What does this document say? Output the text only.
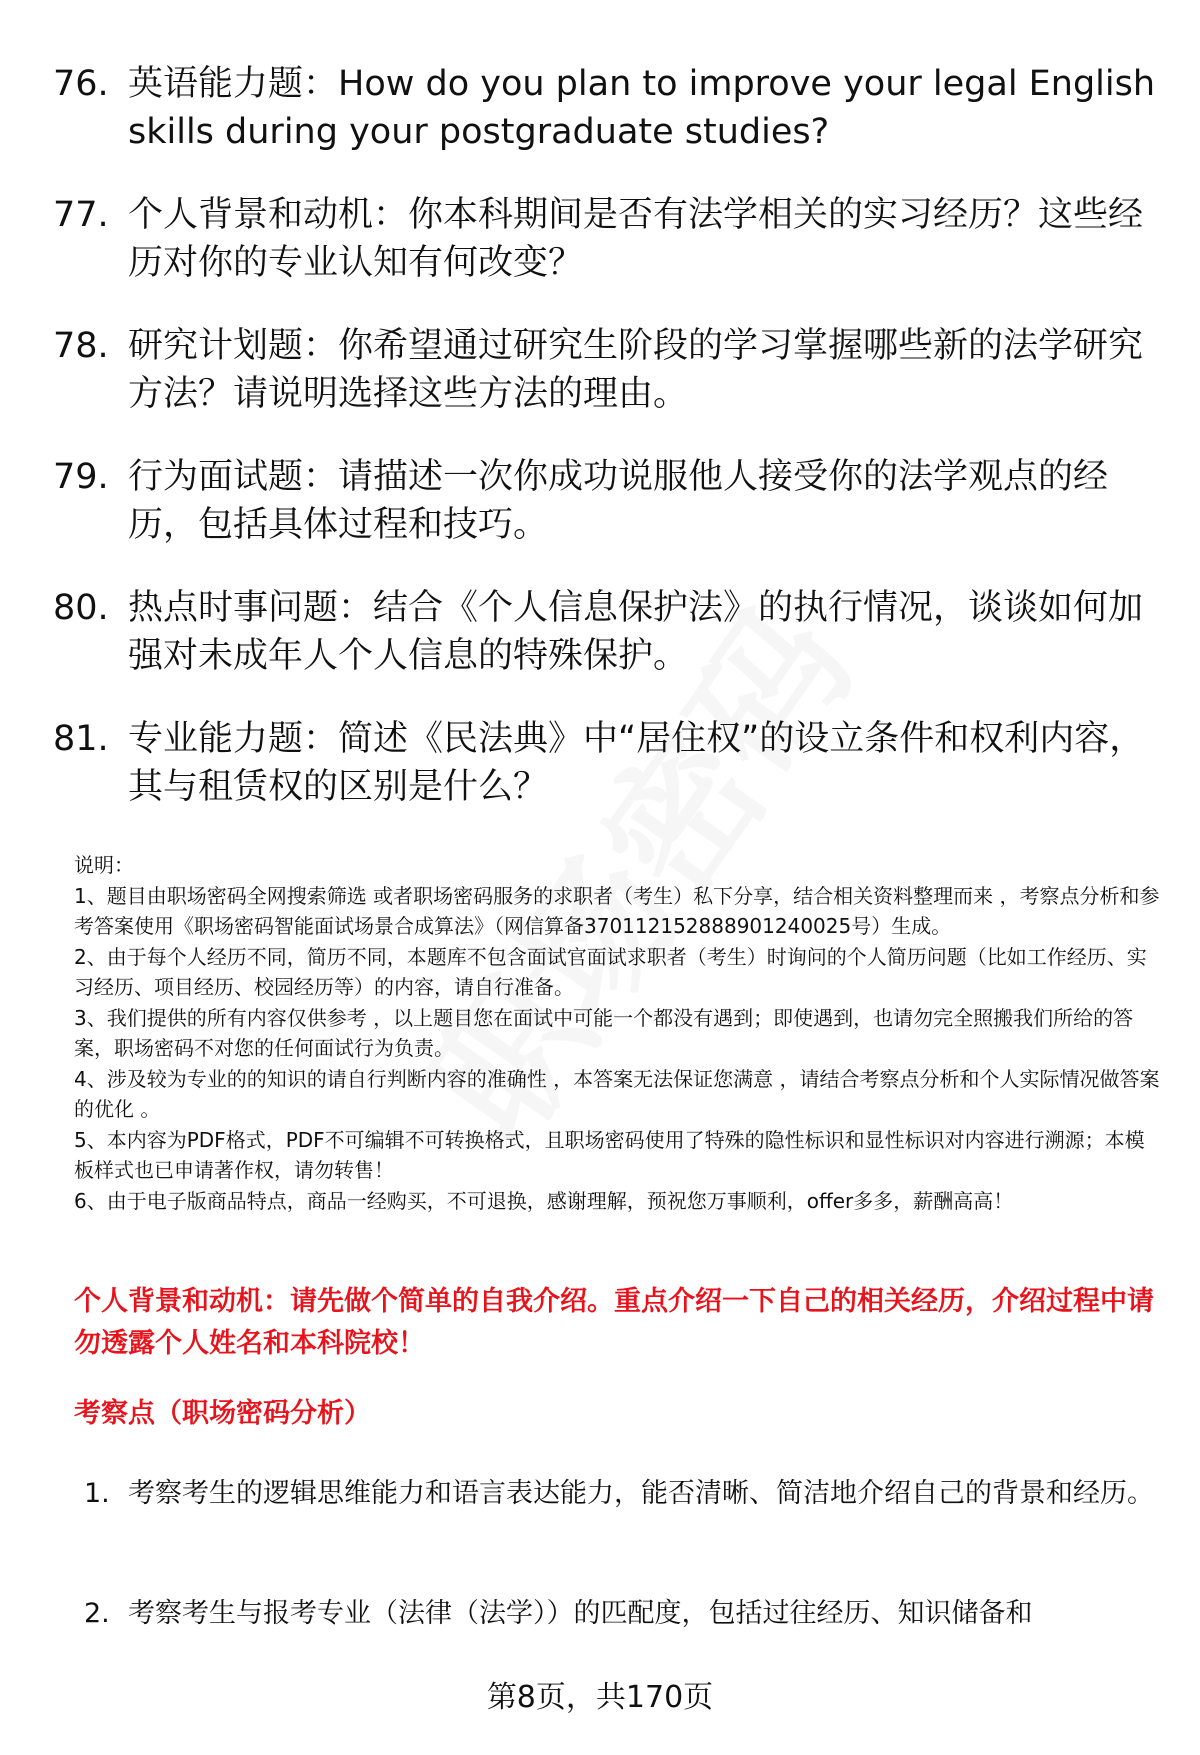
76. 英语能力题：How do you plan to improve your legal English skills during your postgraduate studies?
77. 个人背景和动机：你本科期间是否有法学相关的实习经历？这些经历对你的专业认知有何改变？
78. 研究计划题：你希望通过研究生阶段的学习掌握哪些新的法学研究方法？请说明选择这些方法的理由。
79. 行为面试题：请描述一次你成功说服他人接受你的法学观点的经历，包括具体过程和技巧。
80. 热点时事问题：结合《个人信息保护法》的执行情况，谈谈如何加强对未成年人个人信息的特殊保护。
81. 专业能力题：简述《民法典》中“居住权”的设立条件和权利内容，其与租赁权的区别是什么？
说明：
1、题目由职场密码全网搜索筛选 或者职场密码服务的求职者（考生）私下分享，结合相关资料整理而来 ，考察点分析和参考答案使用《职场密码智能面试场景合成算法》（网信算备370112152888901240025号）生成。
2、由于每个人经历不同，简历不同，本题库不包含面试官面试求职者（考生）时询问的个人简历问题（比如工作经历、实习经历、项目经历、校园经历等）的内容，请自行准备。
3、我们提供的所有内容仅供参考 ，以上题目您在面试中可能一个都没有遇到；即使遇到，也请勿完全照搬我们所给的答案，职场密码不对您的任何面试行为负责。
4、涉及较为专业的的知识的请自行判断内容的准确性 ，本答案无法保证您满意 ，请结合考察点分析和个人实际情况做答案的优化 。
5、本内容为PDF格式，PDF不可编辑不可转换格式，且职场密码使用了特殊的隐性标识和显性标识对内容进行溯源；本模板样式也已申请著作权，请勿转售！
6、由于电子版商品特点，商品一经购买，不可退换，感谢理解，预祝您万事顺利，offer多多，薪酬高高！
个人背景和动机：请先做个简单的自我介绍。重点介绍一下自己的相关经历，介绍过程中请勿透露个人姓名和本科院校！
考察点（职场密码分析）
1. 考察考生的逻辑思维能力和语言表达能力，能否清晰、简洁地介绍自己的背景和经历。
2. 考察考生与报考专业（法律（法学））的匹配度，包括过往经历、知识储备和
第8页，共170页
